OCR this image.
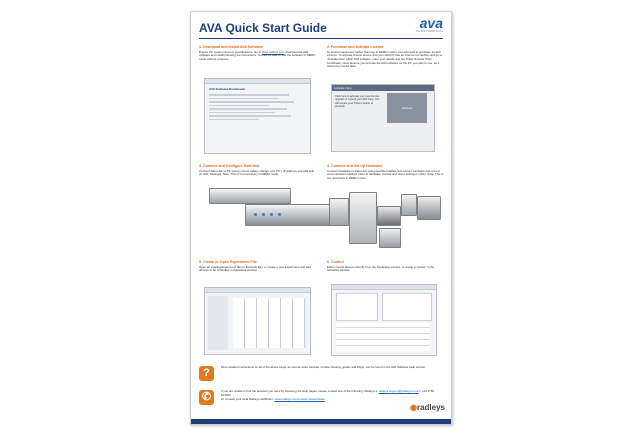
AVA Quick Start Guide	ava
AVA SOFTWARE SUITE
1. Download and Install AVA Software
Ensure PC meets minimum specifications. Go to www.radleys.com download the AVA software and install following the instructions. You will be able to use the software in DEMO mode without a licence.
AVA Software Downloads
2. Purchase and Activate Licence
To control equipment (rather than use in DEMO mode), you will need to purchase an AVA Licence. To activate licence ensure that your AVA PC has an internet connection and go to 'Activate Now' within AVA software, enter your details and the Ticket Number (from Certificate). Note: Ensure you Activate the AVA software on the PC you plan to use, as it cannot be moved later.
Activate Now
Click here to activate your new licence, upgrade or extend your AVA Care. You will require your Ticket number to proceed.	Activate
3. Connect and Configure Data Hub
Connect Data Hub to PC (using correct cable), change your PC's IP address and add Hub (in AVA, Settings). Note: This is not necessary in DEMO mode.
4. Connect and Set Up Hardware
Connect hardware to Data Hub using specified cables, and ensure hardware has correct communication settings (refer to hardware manual and driver settings in AVA). Note: This is not necessary in DEMO mode.
5. Create or Open Experiment File
Open an existing Experiment file (or Example file), or create a new Experiment and add devices to be controlled in Apparatus window.
6. Control
Either control devices directly from the Apparatus window, or create a "recipe" in the Schedule window.
?	More detailed instructions on all of the above steps, as well as video tutorials, trouble shooting guides and FAQs, can be found in the AVA Software Help section.
✆	If you are unable to find the answers you need by browsing the Help pages, please contact one of the following: Radleys e: radleys.support@radleys.co.uk t: +44 1799 513320
Or Contact your local Radleys distributor: www.radleys.com/contact-us/worldwide
◉radleys
